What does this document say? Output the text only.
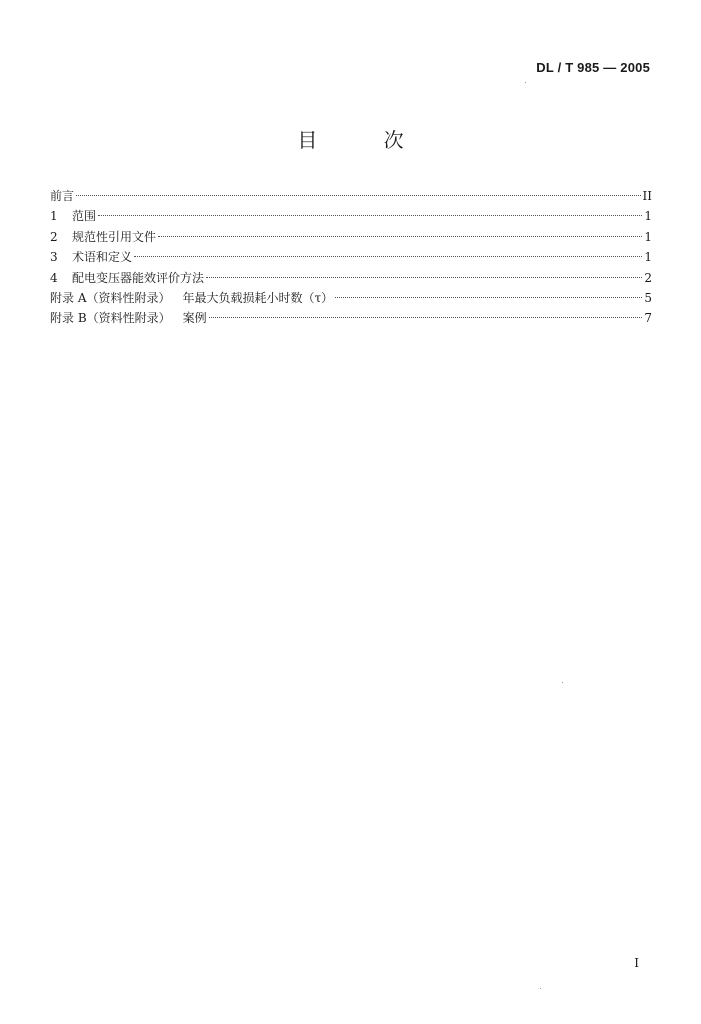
DL / T 985 — 2005
目 次
前言	II
1	范围	1
2	规范性引用文件	1
3	术语和定义	1
4	配电变压器能效评价方法	2
附录 A（资料性附录）	年最大负载损耗小时数（τ）	5
附录 B（资料性附录）	案例	7
I
